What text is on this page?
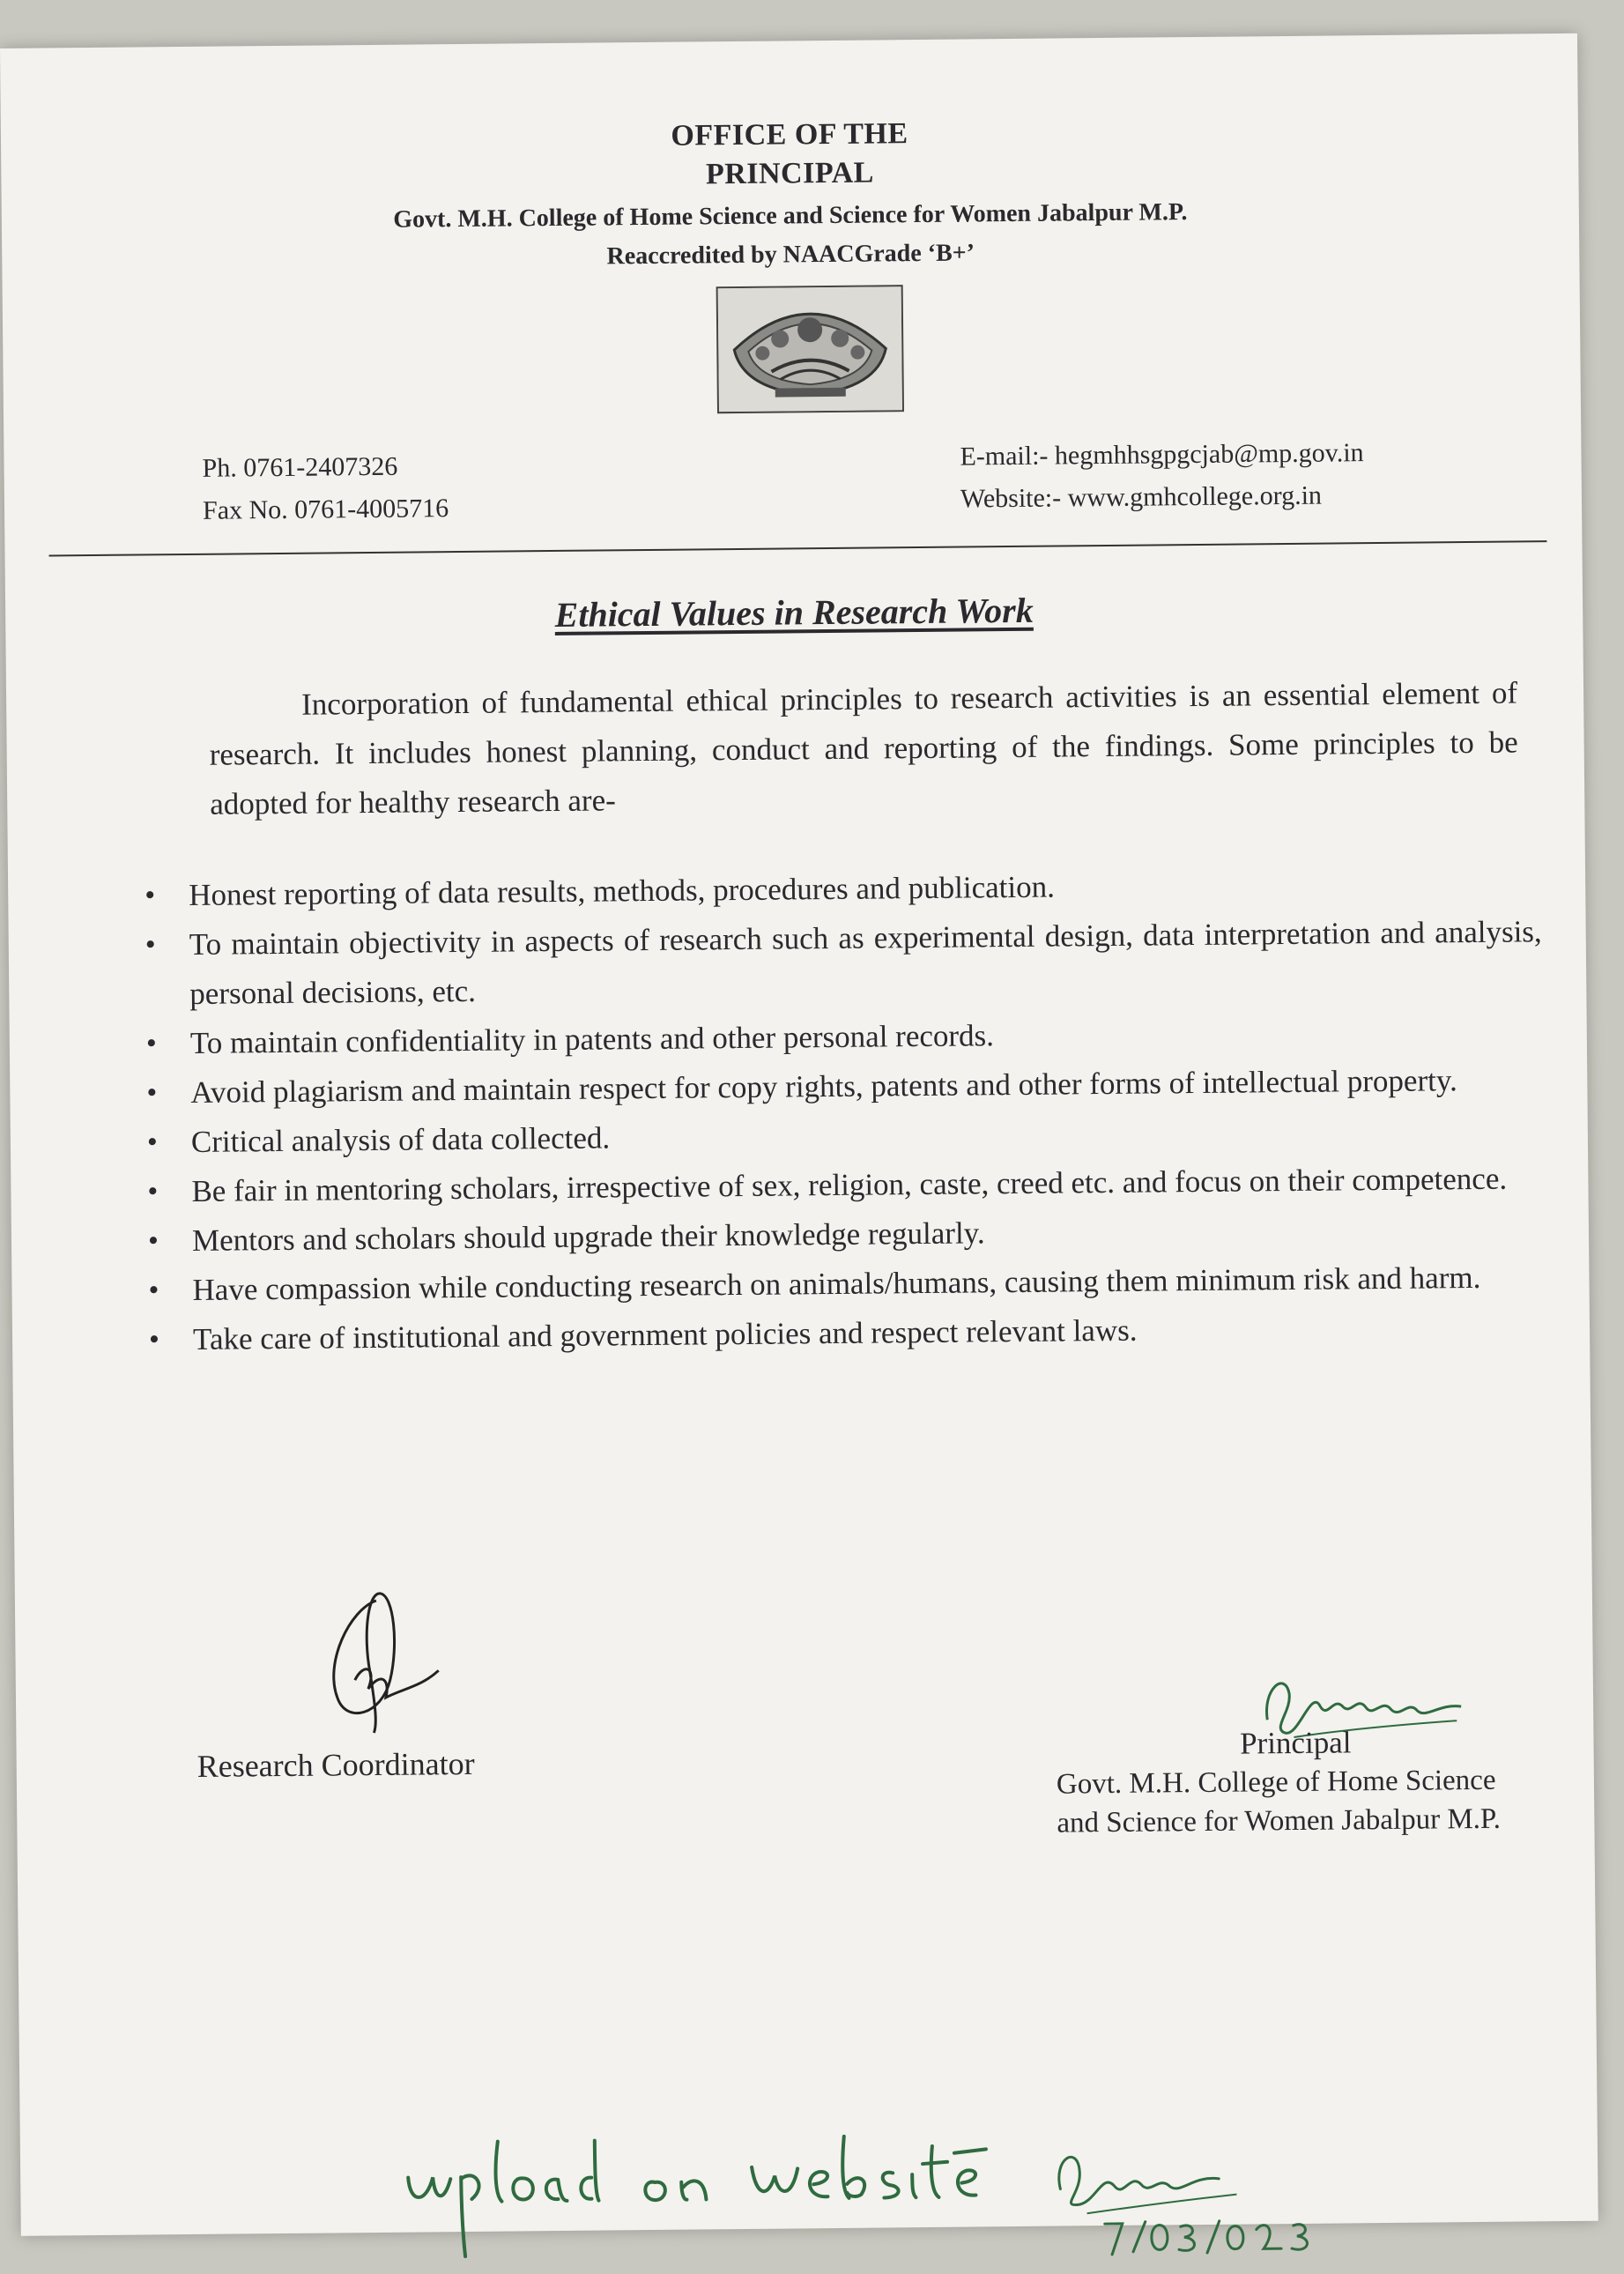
OFFICE OF THE
PRINCIPAL
Govt. M.H. College of Home Science and Science for Women Jabalpur M.P.
Reaccredited by NAACGrade ‘B+’
Ph. 0761-2407326
Fax No. 0761-4005716
E-mail:- hegmhhsgpgcjab@mp.gov.in
Website:- www.gmhcollege.org.in
Ethical Values in Research Work

Incorporation of fundamental ethical principles to research activities is an essential element of research. It includes honest planning, conduct and reporting of the findings. Some principles to be adopted for healthy research are-

• Honest reporting of data results, methods, procedures and publication.
• To maintain objectivity in aspects of research such as experimental design, data interpretation and analysis, personal decisions, etc.
• To maintain confidentiality in patents and other personal records.
• Avoid plagiarism and maintain respect for copy rights, patents and other forms of intellectual property.
• Critical analysis of data collected.
• Be fair in mentoring scholars, irrespective of sex, religion, caste, creed etc. and focus on their competence.
• Mentors and scholars should upgrade their knowledge regularly.
• Have compassion while conducting research on animals/humans, causing them minimum risk and harm.
• Take care of institutional and government policies and respect relevant laws.
Research Coordinator
Principal
Govt. M.H. College of Home Science
and Science for Women Jabalpur M.P.
